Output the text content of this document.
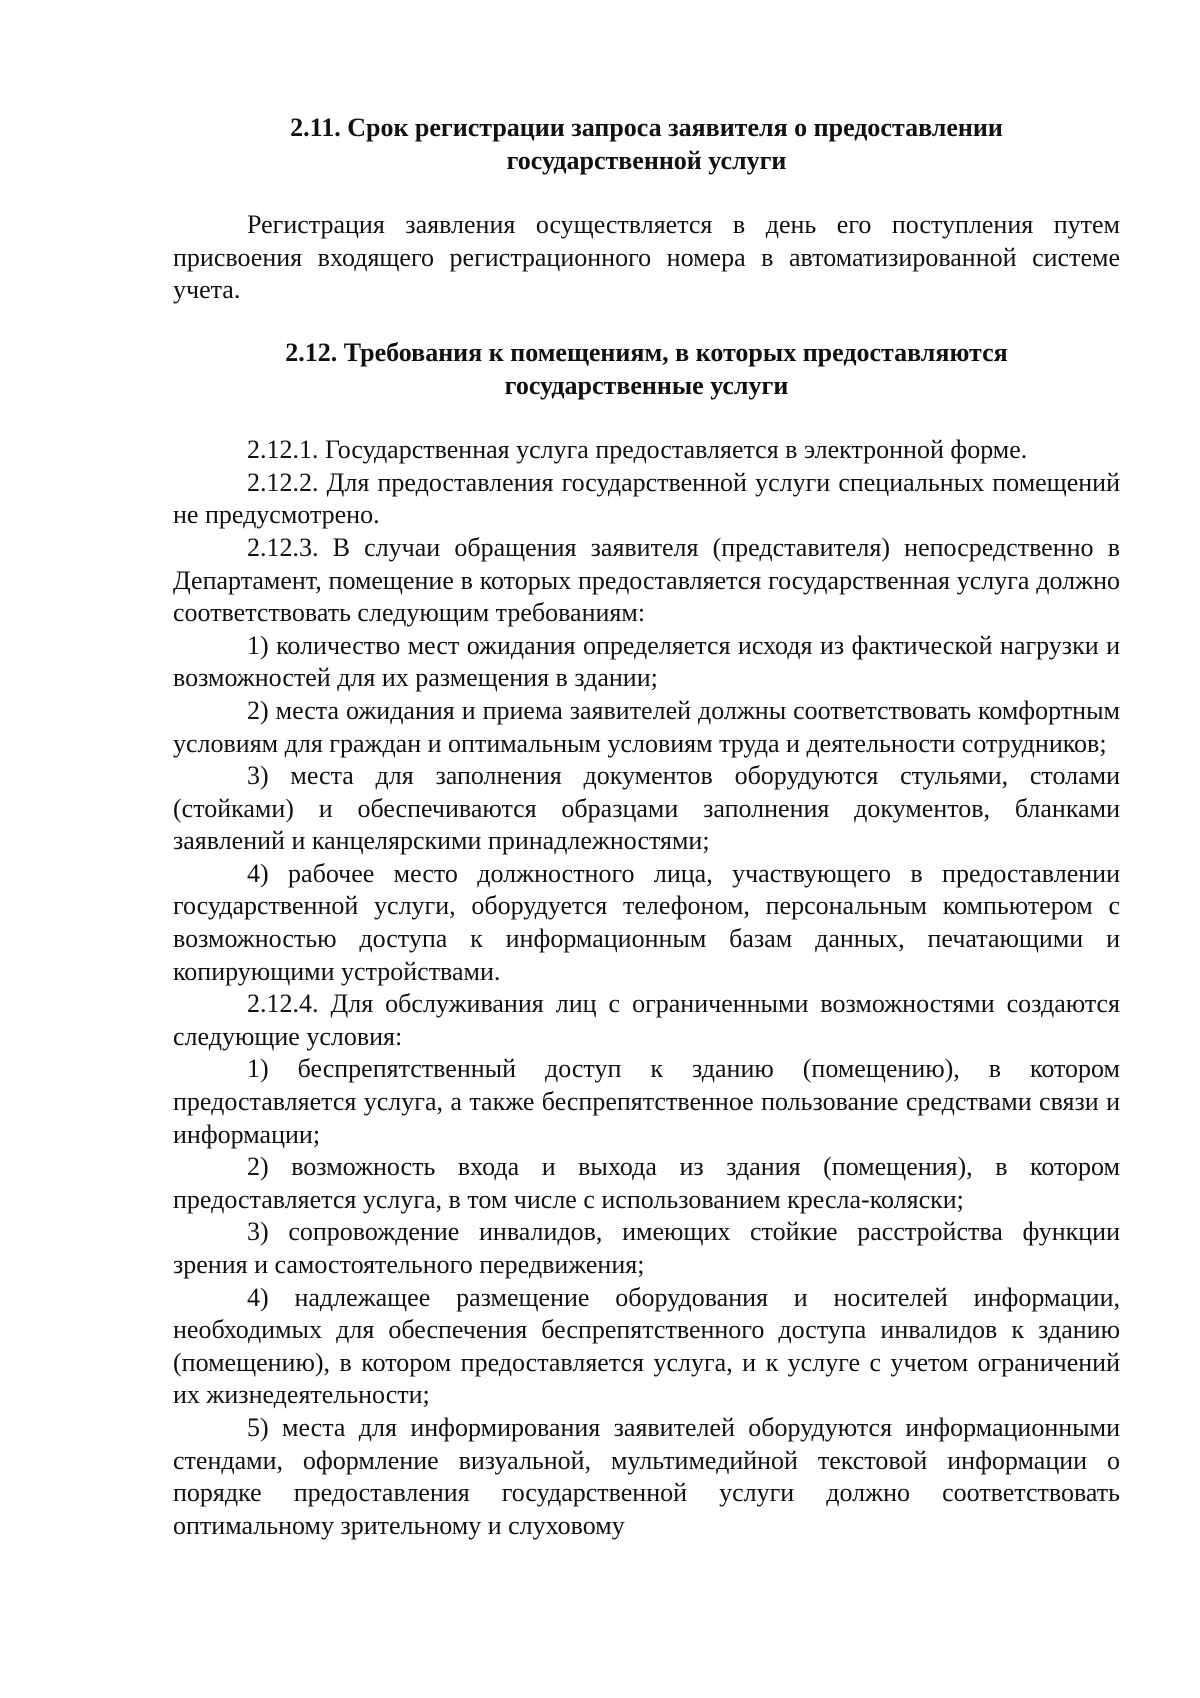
2.11. Срок регистрации запроса заявителя о предоставлении
государственной услуги

Регистрация заявления осуществляется в день его поступления путем присвоения входящего регистрационного номера в автоматизированной системе учета.

2.12. Требования к помещениям, в которых предоставляются
государственные услуги

2.12.1. Государственная услуга предоставляется в электронной форме.

2.12.2. Для предоставления государственной услуги специальных помещений не предусмотрено.

2.12.3. В случаи обращения заявителя (представителя) непосредственно в Департамент, помещение в которых предоставляется государственная услуга должно соответствовать следующим требованиям:

1) количество мест ожидания определяется исходя из фактической нагрузки и возможностей для их размещения в здании;

2) места ожидания и приема заявителей должны соответствовать комфортным условиям для граждан и оптимальным условиям труда и деятельности сотрудников;

3) места для заполнения документов оборудуются стульями, столами (стойками) и обеспечиваются образцами заполнения документов, бланками заявлений и канцелярскими принадлежностями;

4) рабочее место должностного лица, участвующего в предоставлении государственной услуги, оборудуется телефоном, персональным компьютером с возможностью доступа к информационным базам данных, печатающими и копирующими устройствами.

2.12.4. Для обслуживания лиц с ограниченными возможностями создаются следующие условия:

1) беспрепятственный доступ к зданию (помещению), в котором предоставляется услуга, а также беспрепятственное пользование средствами связи и информации;

2) возможность входа и выхода из здания (помещения), в котором предоставляется услуга, в том числе с использованием кресла-коляски;

3) сопровождение инвалидов, имеющих стойкие расстройства функции зрения и самостоятельного передвижения;

4) надлежащее размещение оборудования и носителей информации, необходимых для обеспечения беспрепятственного доступа инвалидов к зданию (помещению), в котором предоставляется услуга, и к услуге с учетом ограничений их жизнедеятельности;

5) места для информирования заявителей оборудуются информационными стендами, оформление визуальной, мультимедийной текстовой информации о порядке предоставления государственной услуги должно соответствовать оптимальному зрительному и слуховому
